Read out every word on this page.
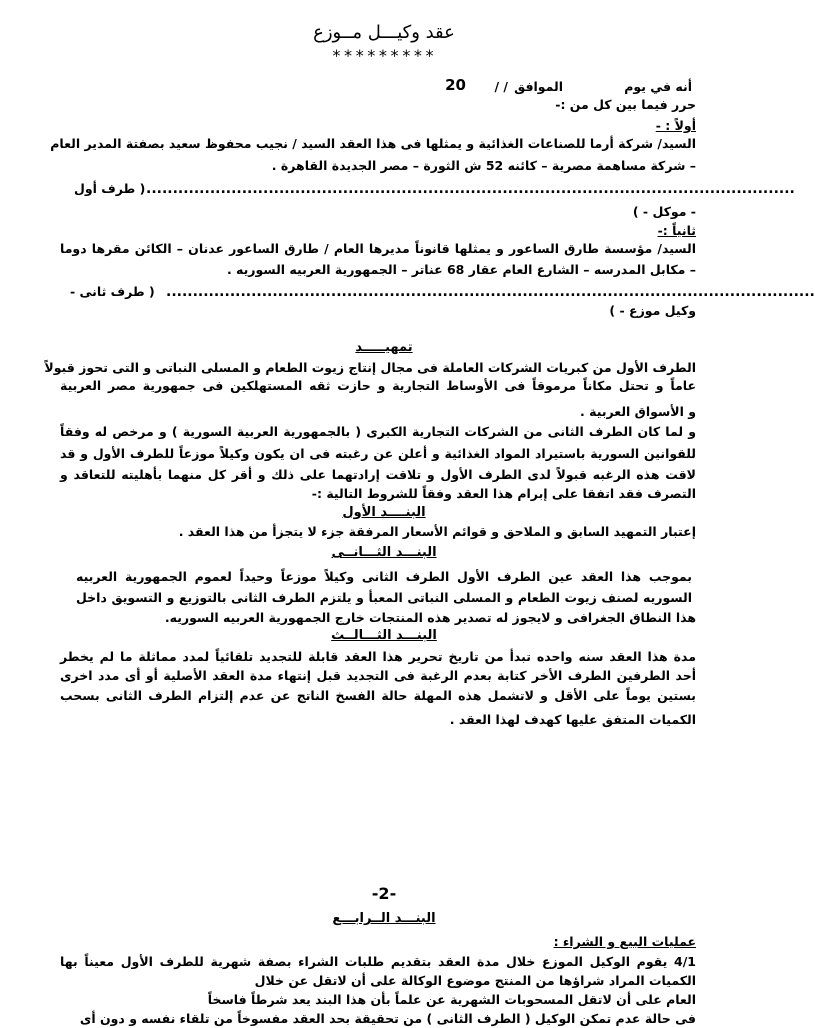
عقد وكيـــل مــوزع
*********
أنه في يوم
الموافق
/ /
20
حرر فيما بين كل من :-
أولاً : -
السيد/ شركة أرما للصناعات الغذائية و يمثلها فى هذا العقد السيد / نجيب محفوظ سعيد بصفتة المدير العام
– شركة مساهمة مصرية – كائنه 52 ش الثورة – مصر الجديدة القاهرة .
..........................................................................................................................
( طرف أول
- موكل - )
ثانياً :-
السيد/ مؤسسة طارق الساعور و يمثلها قانوناً مديرها العام / طارق الساعور عدنان – الكائن مقرها دوما
– مكابل المدرسه – الشارع العام عقار 68 عناتر – الجمهورية العربيه السوريه .
..........................................................................................................................
( طرف ثانى -
وكيل موزع - )
تمهيـــــد
الطرف الأول من كبريات الشركات العاملة فى مجال إنتاج زيوت الطعام و المسلى النباتى و التى تحوز قبولاً
عاماً و تحتل مكاناً مرموقاً فى الأوساط التجارية و حازت ثقه المستهلكين فى جمهورية مصر العربية
و الأسواق العربية .
و لما كان الطرف الثانى من الشركات التجارية الكبرى ( بالجمهورية العربية السورية ) و مرخص له وفقاً
للقوانين السورية باستيراد المواد الغذائية و أعلن عن رغبته فى ان يكون وكيلاً موزعاً للطرف الأول و قد
لاقت هذه الرغبه قبولاً لدى الطرف الأول و تلاقت إرادتهما على ذلك و أقر كل منهما بأهليته للتعاقد و
التصرف فقد اتفقا على إبرام هذا العقد وفقاً للشروط التالية :-
البنــــد الأول
إعتبار التمهيد السابق و الملاحق و قوائم الأسعار المرفقة جزء لا يتجزأ من هذا العقد .
البنـــد الثـــانــى
بموجب هذا العقد عين الطرف الأول الطرف الثانى وكيلاً موزعاً وحيداً لعموم الجمهورية العربيه
السوريه لصنف زيوت الطعام و المسلى النباتى المعبأ و يلتزم الطرف الثانى بالتوزيع و التسويق داخل
هذا النطاق الجغرافى و لايجوز له تصدير هذه المنتجات خارج الجمهورية العربيه السوريه.
البنـــد الثـــالــث
مدة هذا العقد سنه واحده تبدأ من تاريخ تحرير هذا العقد قابلة للتجديد تلقائياً لمدد مماثلة ما لم يخطر
أحد الطرفين الطرف الأخر كتابة بعدم الرغبة فى التجديد قبل إنتهاء مدة العقد الأصلية أو أى مدد اخرى
بستين يوماً على الأقل و لاتشمل هذه المهلة حالة الفسخ الناتج عن عدم إلتزام الطرف الثانى بسحب
الكميات المتفق عليها كهدف لهذا العقد .
-2-
البنـــد الــرابـــع
عمليات البيع و الشراء :
4/1 يقوم الوكيل الموزع خلال مدة العقد بتقديم طلبات الشراء بصفة شهرية للطرف الأول معيناً بها
الكميات المراد شراؤها من المنتج موضوع الوكالة على أن لاتقل عن خلال
العام على أن لاتقل المسحوبات الشهرية عن علماً بأن هذا البند يعد شرطاً فاسخاً
فى حالة عدم تمكن الوكيل ( الطرف الثانى ) من تحقيقة بحد العقد مفسوخاً من تلقاء نفسه و دون أى
